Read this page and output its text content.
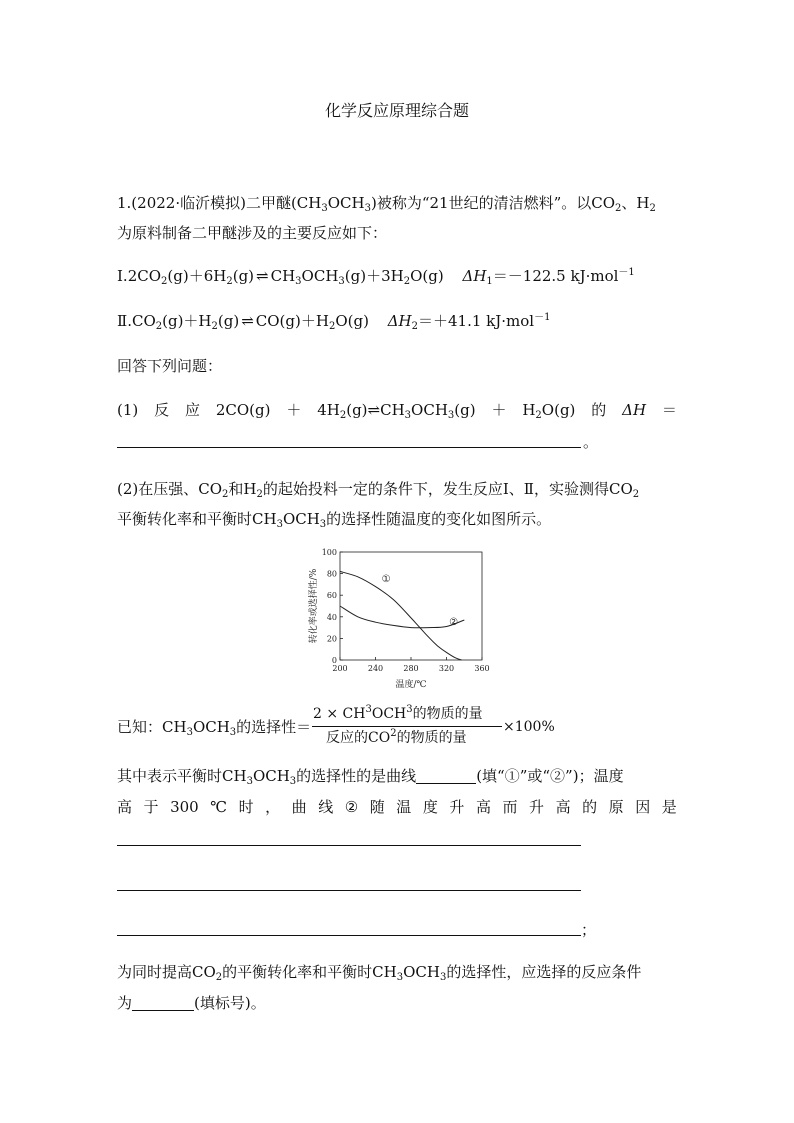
化学反应原理综合题
1.(2022·临沂模拟)二甲醚$(CH_3OCH_3)$被称为“21世纪的清洁燃料”。以$CO_2$、$H_2$
为原料制备二甲醚涉及的主要反应如下：
$Ⅰ.2CO_2(g)+6H_2(g)$ ⇌ $CH_3OCH_3(g)+3H_2O(g)$ $\Delta H_1=-122.5$ kJ·mol$^{-1}$
$Ⅱ.CO_2(g)+H_2(g)$ ⇌ $CO(g)+H_2O(g)$ $\Delta H_2=+41.1$ kJ·mol$^{-1}$
回答下列问题：
(1) 反 应 $2CO(g) + 4H_2(g)\rightleftharpoons CH_3OCH_3(g) + H_2O(g)$ 的 ΔH ＝
。
(2)在压强、$CO_2$和$H_2$的起始投料一定的条件下，发生反应Ⅰ、Ⅱ，实验测得$CO_2$
平衡转化率和平衡时$CH_3OCH_3$的选择性随温度的变化如图所示。
0
20
40
60
80
100
200	240	280	320	360
温度/℃
转化率或选择性/%	①
②
已知：$CH_3OCH_3$的选择性＝
$2 \times CH^3OCH^3$的物质的量
反应的$CO^2$的物质的量
×100%
其中表示平衡时$CH_3OCH_3$的选择性的是曲线	(填“①”或“②”)；温度
高 于 300 ℃ 时 ， 曲 线 ② 随 温 度 升 高 而 升 高 的 原 因 是
；
为同时提高$CO_2$的平衡转化率和平衡时$CH_3OCH_3$的选择性，应选择的反应条件
为	(填标号)。
